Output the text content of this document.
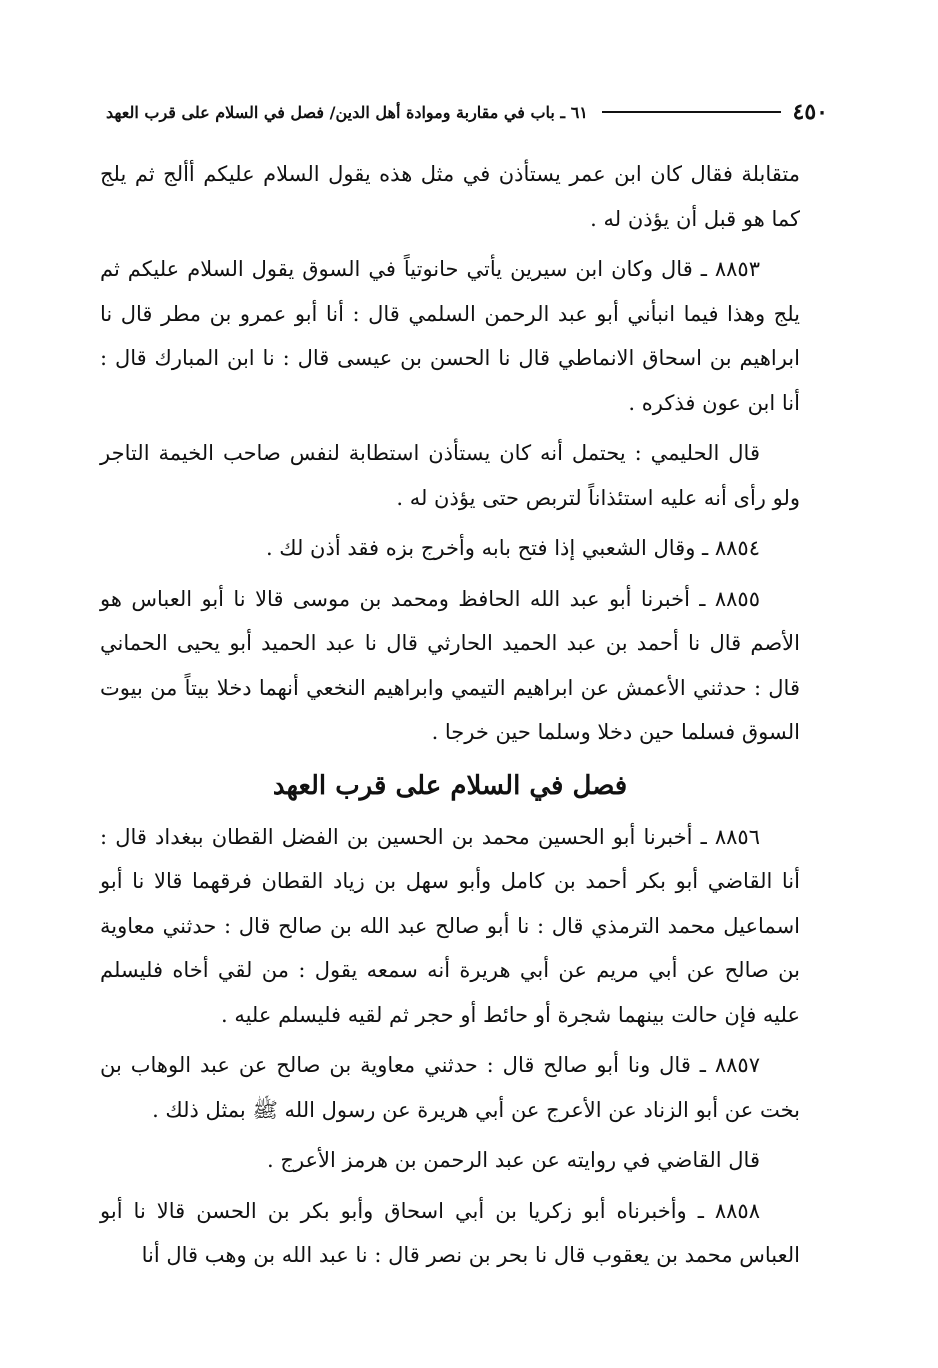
٤٥٠
٦١ ـ باب في مقاربة وموادة أهل الدين/ فصل في السلام على قرب العهد

متقابلة فقال كان ابن عمر يستأذن في مثل هذه يقول السلام عليكم أألج ثم يلج كما هو قبل أن يؤذن له .

٨٨٥٣ ـ قال وكان ابن سيرين يأتي حانوتياً في السوق يقول السلام عليكم ثم يلج وهذا فيما انبأني أبو عبد الرحمن السلمي قال : أنا أبو عمرو بن مطر قال نا ابراهيم بن اسحاق الانماطي قال نا الحسن بن عيسى قال : نا ابن المبارك قال : أنا ابن عون فذكره .

قال الحليمي : يحتمل أنه كان يستأذن استطابة لنفس صاحب الخيمة التاجر ولو رأى أنه عليه استئذاناً لتربص حتى يؤذن له .

٨٨٥٤ ـ وقال الشعبي إذا فتح بابه وأخرج بزه فقد أذن لك .

٨٨٥٥ ـ أخبرنا أبو عبد الله الحافظ ومحمد بن موسى قالا نا أبو العباس هو الأصم قال نا أحمد بن عبد الحميد الحارثي قال نا عبد الحميد أبو يحيى الحماني قال : حدثني الأعمش عن ابراهيم التيمي وابراهيم النخعي أنهما دخلا بيتاً من بيوت السوق فسلما حين دخلا وسلما حين خرجا .

فصل في السلام على قرب العهد

٨٨٥٦ ـ أخبرنا أبو الحسين محمد بن الحسين بن الفضل القطان ببغداد قال : أنا القاضي أبو بكر أحمد بن كامل وأبو سهل بن زياد القطان فرقهما قالا نا أبو اسماعيل محمد الترمذي قال : نا أبو صالح عبد الله بن صالح قال : حدثني معاوية بن صالح عن أبي مريم عن أبي هريرة أنه سمعه يقول : من لقي أخاه فليسلم عليه فإن حالت بينهما شجرة أو حائط أو حجر ثم لقيه فليسلم عليه .

٨٨٥٧ ـ قال ونا أبو صالح قال : حدثني معاوية بن صالح عن عبد الوهاب بن بخت عن أبو الزناد عن الأعرج عن أبي هريرة عن رسول الله ﷺ بمثل ذلك .

قال القاضي في روايته عن عبد الرحمن بن هرمز الأعرج .

٨٨٥٨ ـ وأخبرناه أبو زكريا بن أبي اسحاق وأبو بكر بن الحسن قالا نا أبو العباس محمد بن يعقوب قال نا بحر بن نصر قال : نا عبد الله بن وهب قال أنا
